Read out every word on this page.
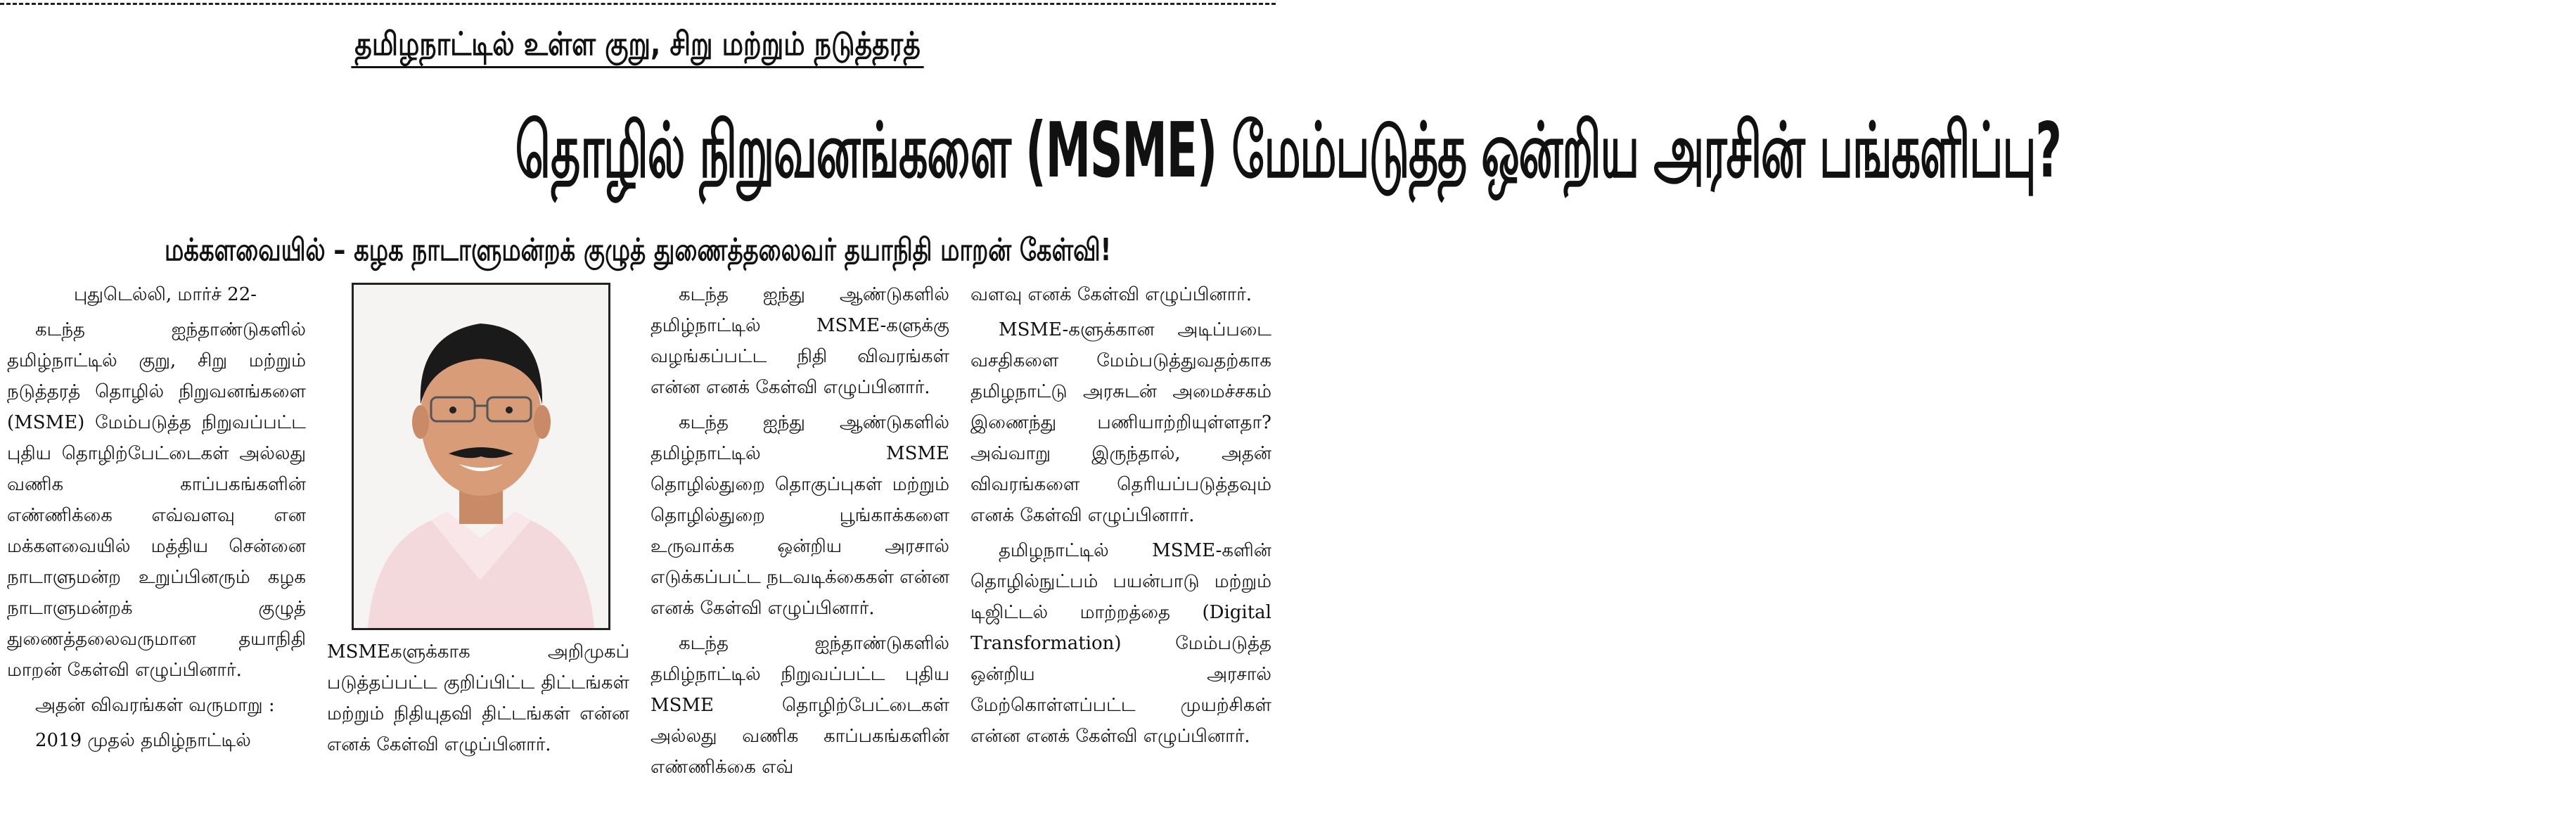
தமிழநாட்டில் உள்ள குறு, சிறு மற்றும் நடுத்தரத்
தொழில் நிறுவனங்களை (MSME) மேம்படுத்த ஒன்றிய அரசின் பங்களிப்பு?
மக்களவையில் – கழக நாடாளுமன்றக் குழுத் துணைத்தலைவர் தயாநிதி மாறன் கேள்வி!

புதுடெல்லி, மார்ச் 22-

கடந்த ஐந்தாண்டுகளில் தமிழ்நாட்டில் குறு, சிறு மற்றும் நடுத்தரத் தொழில் நிறுவனங்களை (MSME) மேம்படுத்த நிறுவப்பட்ட புதிய தொழிற்பேட்டைகள் அல்லது வணிக காப்பகங்களின் எண்ணிக்கை எவ்வளவு என மக்களவையில் மத்திய சென்னை நாடாளுமன்ற உறுப்பினரும் கழக நாடாளுமன்றக் குழுத் துணைத்தலைவருமான தயாநிதி மாறன் கேள்வி எழுப்பினார்.

அதன் விவரங்கள் வருமாறு :

2019 முதல் தமிழ்நாட்டில்

MSMEகளுக்காக அறிமுகப் படுத்தப்பட்ட குறிப்பிட்ட திட்டங்கள் மற்றும் நிதியுதவி திட்டங்கள் என்ன எனக் கேள்வி எழுப்பினார்.

கடந்த ஐந்து ஆண்டுகளில் தமிழ்நாட்டில் MSME-களுக்கு வழங்கப்பட்ட நிதி விவரங்கள் என்ன எனக் கேள்வி எழுப்பினார்.

கடந்த ஐந்து ஆண்டுகளில் தமிழ்நாட்டில் MSME தொழில்துறை தொகுப்புகள் மற்றும் தொழில்துறை பூங்காக்களை உருவாக்க ஒன்றிய அரசால் எடுக்கப்பட்ட நடவடிக்கைகள் என்ன எனக் கேள்வி எழுப்பினார்.

கடந்த ஐந்தாண்டுகளில் தமிழ்நாட்டில் நிறுவப்பட்ட புதிய MSME தொழிற்பேட்டைகள் அல்லது வணிக காப்பகங்களின் எண்ணிக்கை எவ்

வளவு எனக் கேள்வி எழுப்பினார்.

MSME-களுக்கான அடிப்படை வசதிகளை மேம்படுத்துவதற்காக தமிழநாட்டு அரசுடன் அமைச்சகம் இணைந்து பணியாற்றியுள்ளதா? அவ்வாறு இருந்தால், அதன் விவரங்களை தெரியப்படுத்தவும் எனக் கேள்வி எழுப்பினார்.

தமிழநாட்டில் MSME-களின் தொழில்நுட்பம் பயன்பாடு மற்றும் டிஜிட்டல் மாற்றத்தை (Digital Transformation) மேம்படுத்த ஒன்றிய அரசால் மேற்கொள்ளப்பட்ட முயற்சிகள் என்ன எனக் கேள்வி எழுப்பினார்.
